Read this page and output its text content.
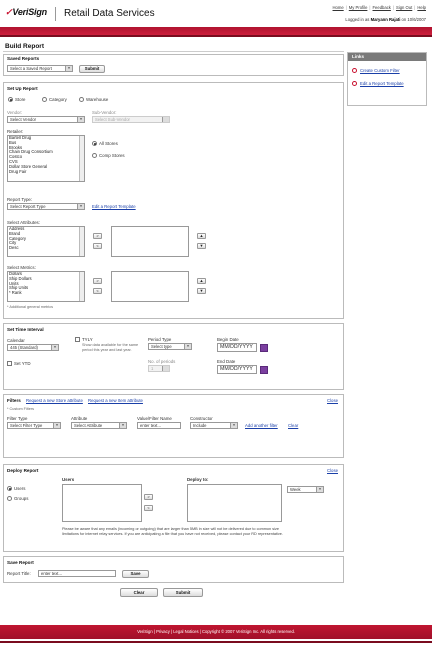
✓VeriSign Retail Data Services
Home | My Profile | Feedback | Sign Out | Help
Logged in as Maryann Rajati on 10/6/2007
Build Report
Links
Create Custom Filter
Edit a Report Template
Saved Reports
Select a Saved Report	▾	Submit
Set Up Report
Store	Category	Warehouse
Vendor:
Select Vendor	▾
Sub-Vendor:
Select Sub-Vendor
Retailer:
Bartell Drug
Bus
Brooks
Chain Drug Consortium
Costco
CVS
Dollar Store General
Drug Fair
All Stores
Comp Stores
Report Type:
Select Report Type	▾ Edit a Report Template
Select Attributes:
Address
Brand
Category
City
Desc
>
<
▲
▼
Select Metrics:
Dollars
Ship Dollars
Units
Ship Units
* Rank
>
<
▲
▼
* Additional general metrics
Set Time Interval
Calendar
445 (Standard)	▾
Set YTD
TYLY
Show data available for the same period this year and last year.
Period Type
Select type	▾
No. of periods
1
Begin Date
MM/DD/YYYY
End Date
MM/DD/YYYY
Filters Request a new Store attribute Request a new Item attribute	Close
* Custom Filters
Filter Type	Attribute	Value/Filter Name	Constructor
Select Filter Type	▾	Select Attribute	▾	enter text...	Include	▾ Add another filter Clear
Deploy Report	Close
Users
Groups
Users
>
<
Deploy to:
Week	▾
Please be aware that any emails (incoming or outgoing) that are larger than 5MB in size will not be delivered due to common size limitations for internet relay services. If you are anticipating a file that you have not received, please contact your RD representative.
Save Report
Report Title:	enter text...	Save
Clear	Submit
VeriSign | Privacy | Legal Notices | Copyright © 2007 VeriSign Inc. All rights reserved.
